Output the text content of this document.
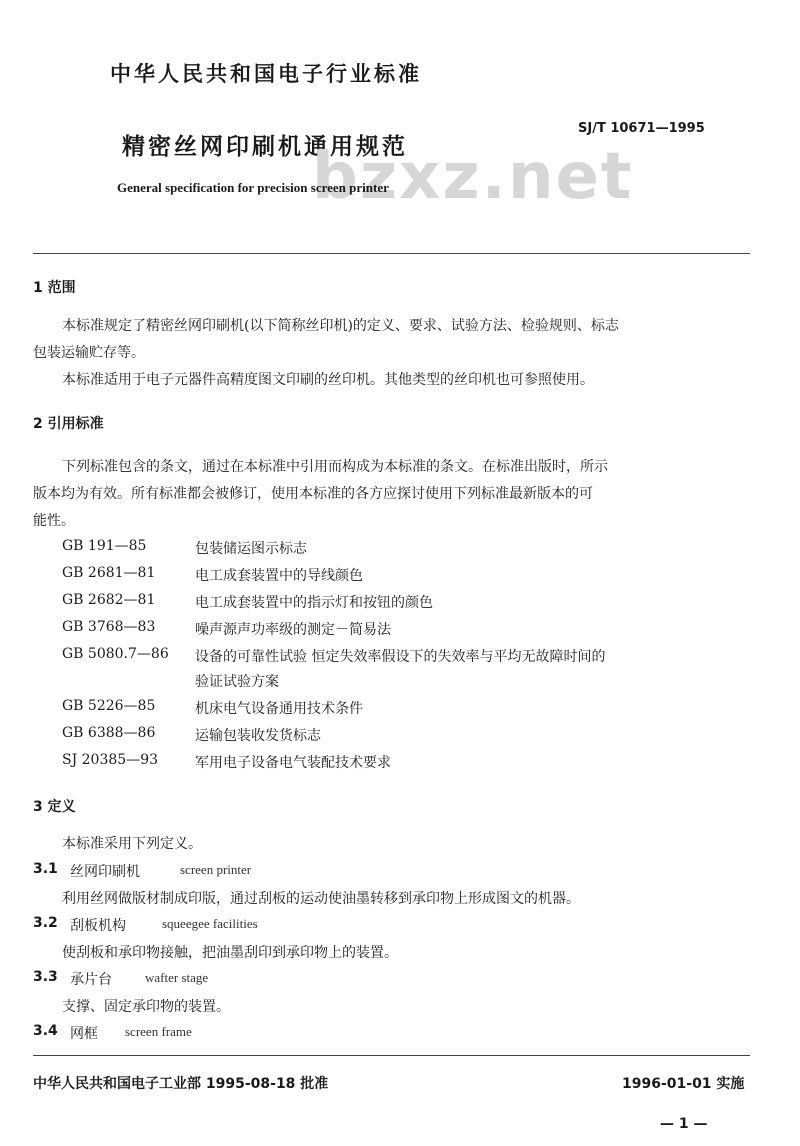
中华人民共和国电子行业标准
精密丝网印刷机通用规范
SJ/T 10671—1995
bzxz.net
General specification for precision screen printer
1 范围
本标准规定了精密丝网印刷机(以下简称丝印机)的定义、要求、试验方法、检验规则、标志
包装运输贮存等。
本标准适用于电子元器件高精度图文印刷的丝印机。其他类型的丝印机也可参照使用。
2 引用标准
下列标准包含的条文，通过在本标准中引用而构成为本标准的条文。在标准出版时，所示
版本均为有效。所有标准都会被修订，使用本标准的各方应探讨使用下列标准最新版本的可
能性。
GB 191—85	包装储运图示标志
GB 2681—81	电工成套装置中的导线颜色
GB 2682—81	电工成套装置中的指示灯和按钮的颜色
GB 3768—83	噪声源声功率级的测定－简易法
GB 5080.7—86 设备的可靠性试验 恒定失效率假设下的失效率与平均无故障时间的
验证试验方案
GB 5226—85	机床电气设备通用技术条件
GB 6388—86	运输包装收发货标志
SJ 20385—93	军用电子设备电气装配技术要求
3 定义
本标准采用下列定义。
3.1 丝网印刷机	screen printer
利用丝网做版材制成印版，通过刮板的运动使油墨转移到承印物上形成图文的机器。
3.2 刮板机构	squeegee facilities
使刮板和承印物接触，把油墨刮印到承印物上的装置。
3.3 承片台	wafter stage
支撑、固定承印物的装置。
3.4 网框 screen frame
中华人民共和国电子工业部 1995-08-18 批准	1996-01-01 实施
— 1 —
